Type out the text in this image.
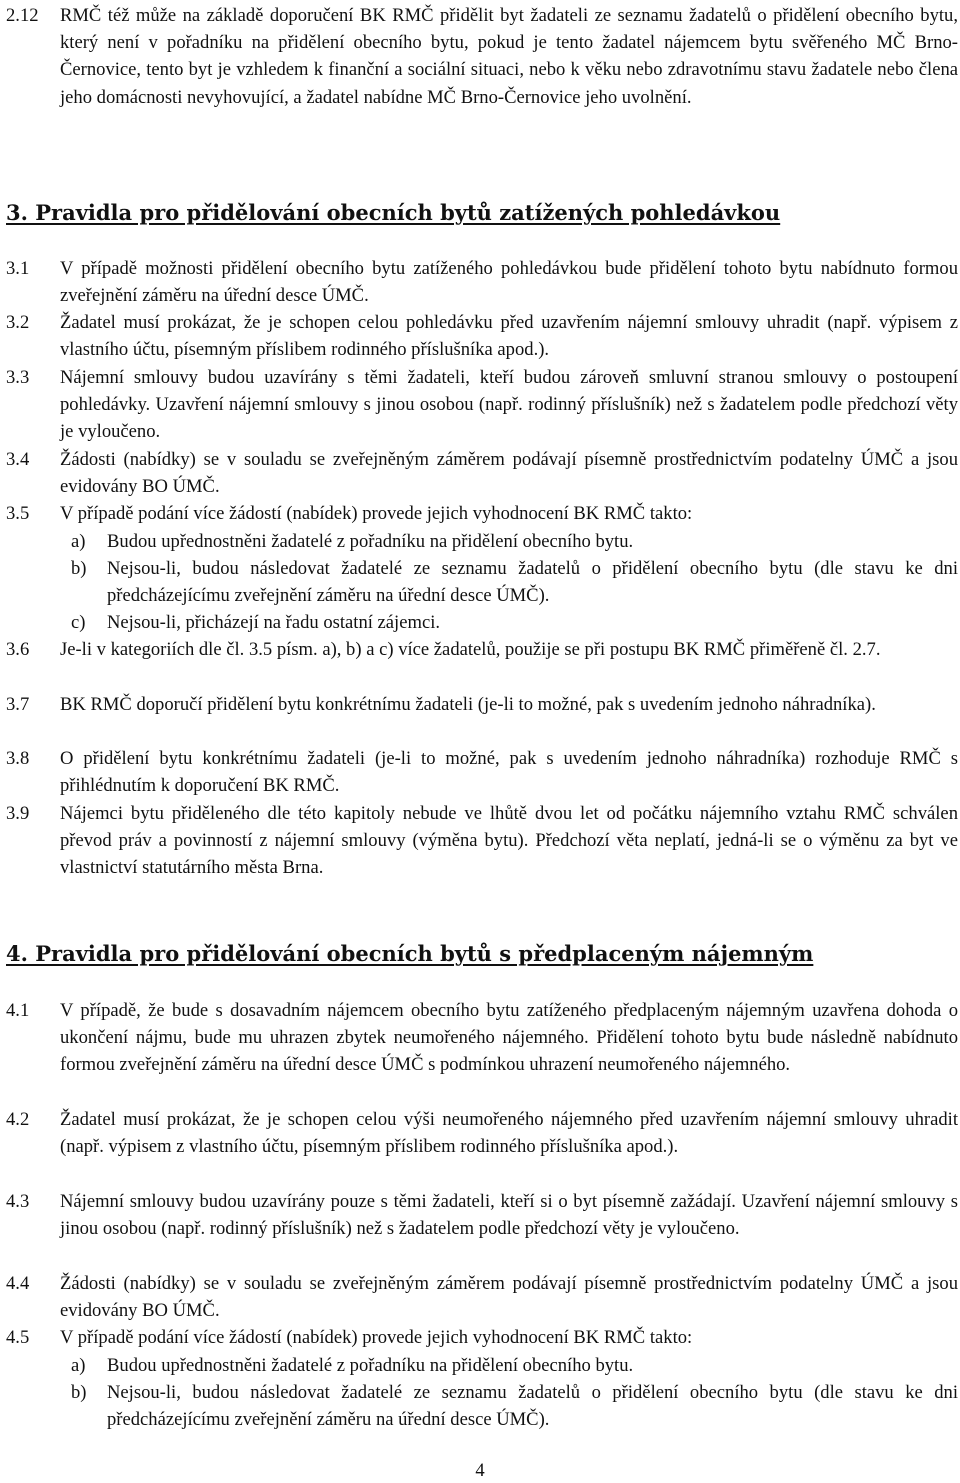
2.12 RMČ též může na základě doporučení BK RMČ přidělit byt žadateli ze seznamu žadatelů o přidělení obecního bytu, který není v pořadníku na přidělení obecního bytu, pokud je tento žadatel nájemcem bytu svěřeného MČ Brno-Černovice, tento byt je vzhledem k finanční a sociální situaci, nebo k věku nebo zdravotnímu stavu žadatele nebo člena jeho domácnosti nevyhovující, a žadatel nabídne MČ Brno-Černovice jeho uvolnění.
3. Pravidla pro přidělování obecních bytů zatížených pohledávkou
3.1 V případě možnosti přidělení obecního bytu zatíženého pohledávkou bude přidělení tohoto bytu nabídnuto formou zveřejnění záměru na úřední desce ÚMČ.
3.2 Žadatel musí prokázat, že je schopen celou pohledávku před uzavřením nájemní smlouvy uhradit (např. výpisem z vlastního účtu, písemným příslibem rodinného příslušníka apod.).
3.3 Nájemní smlouvy budou uzavírány s těmi žadateli, kteří budou zároveň smluvní stranou smlouvy o postoupení pohledávky. Uzavření nájemní smlouvy s jinou osobou (např. rodinný příslušník) než s žadatelem podle předchozí věty je vyloučeno.
3.4 Žádosti (nabídky) se v souladu se zveřejněným záměrem podávají písemně prostřednictvím podatelny ÚMČ a jsou evidovány BO ÚMČ.
3.5 V případě podání více žádostí (nabídek) provede jejich vyhodnocení BK RMČ takto:
a) Budou upřednostněni žadatelé z pořadníku na přidělení obecního bytu.
b) Nejsou-li, budou následovat žadatelé ze seznamu žadatelů o přidělení obecního bytu (dle stavu ke dni předcházejícímu zveřejnění záměru na úřední desce ÚMČ).
c) Nejsou-li, přicházejí na řadu ostatní zájemci.
3.6 Je-li v kategoriích dle čl. 3.5 písm. a), b) a c) více žadatelů, použije se při postupu BK RMČ přiměřeně čl. 2.7.
3.7 BK RMČ doporučí přidělení bytu konkrétnímu žadateli (je-li to možné, pak s uvedením jednoho náhradníka).
3.8 O přidělení bytu konkrétnímu žadateli (je-li to možné, pak s uvedením jednoho náhradníka) rozhoduje RMČ s přihlédnutím k doporučení BK RMČ.
3.9 Nájemci bytu přiděleného dle této kapitoly nebude ve lhůtě dvou let od počátku nájemního vztahu RMČ schválen převod práv a povinností z nájemní smlouvy (výměna bytu). Předchozí věta neplatí, jedná-li se o výměnu za byt ve vlastnictví statutárního města Brna.
4. Pravidla pro přidělování obecních bytů s předplaceným nájemným
4.1 V případě, že bude s dosavadním nájemcem obecního bytu zatíženého předplaceným nájemným uzavřena dohoda o ukončení nájmu, bude mu uhrazen zbytek neumořeného nájemného. Přidělení tohoto bytu bude následně nabídnuto formou zveřejnění záměru na úřední desce ÚMČ s podmínkou uhrazení neumořeného nájemného.
4.2 Žadatel musí prokázat, že je schopen celou výši neumořeného nájemného před uzavřením nájemní smlouvy uhradit (např. výpisem z vlastního účtu, písemným příslibem rodinného příslušníka apod.).
4.3 Nájemní smlouvy budou uzavírány pouze s těmi žadateli, kteří si o byt písemně zažádají. Uzavření nájemní smlouvy s jinou osobou (např. rodinný příslušník) než s žadatelem podle předchozí věty je vyloučeno.
4.4 Žádosti (nabídky) se v souladu se zveřejněným záměrem podávají písemně prostřednictvím podatelny ÚMČ a jsou evidovány BO ÚMČ.
4.5 V případě podání více žádostí (nabídek) provede jejich vyhodnocení BK RMČ takto:
a) Budou upřednostněni žadatelé z pořadníku na přidělení obecního bytu.
b) Nejsou-li, budou následovat žadatelé ze seznamu žadatelů o přidělení obecního bytu (dle stavu ke dni předcházejícímu zveřejnění záměru na úřední desce ÚMČ).
4
